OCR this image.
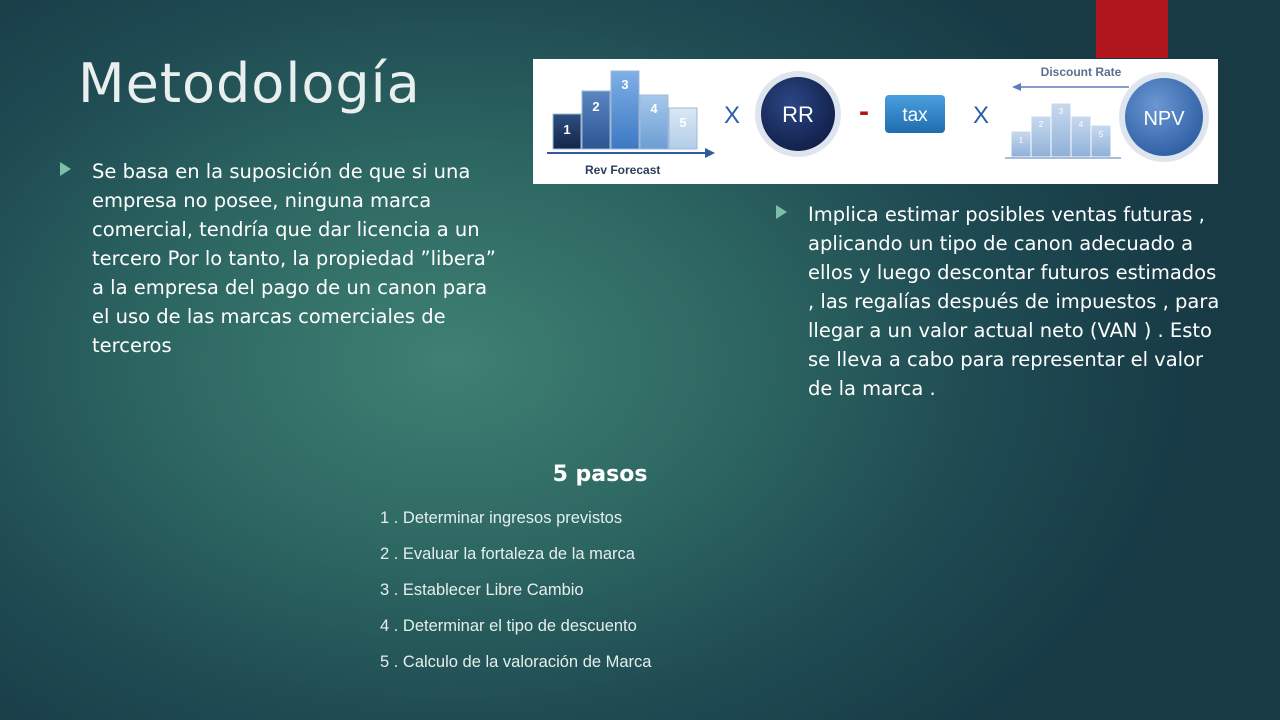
Metodología
Se basa en la suposición de que si una empresa no posee, ninguna marca comercial, tendría que dar licencia a un tercero Por lo tanto, la propiedad ”libera” a la empresa del pago de un canon para el uso de las marcas comerciales de terceros
1
2
3
4
5
Rev Forecast
X RR - tax X
Discount Rate
1
2
3
4
5
NPV
Implica estimar posibles ventas futuras , aplicando un tipo de canon adecuado a ellos y luego descontar futuros estimados , las regalías después de impuestos , para llegar a un valor actual neto (VAN ) . Esto se lleva a cabo para representar el valor de la marca .
5 pasos
1 . Determinar ingresos previstos
2 . Evaluar la fortaleza de la marca
3 . Establecer Libre Cambio
4 . Determinar el tipo de descuento
5 . Calculo de la valoración de Marca
